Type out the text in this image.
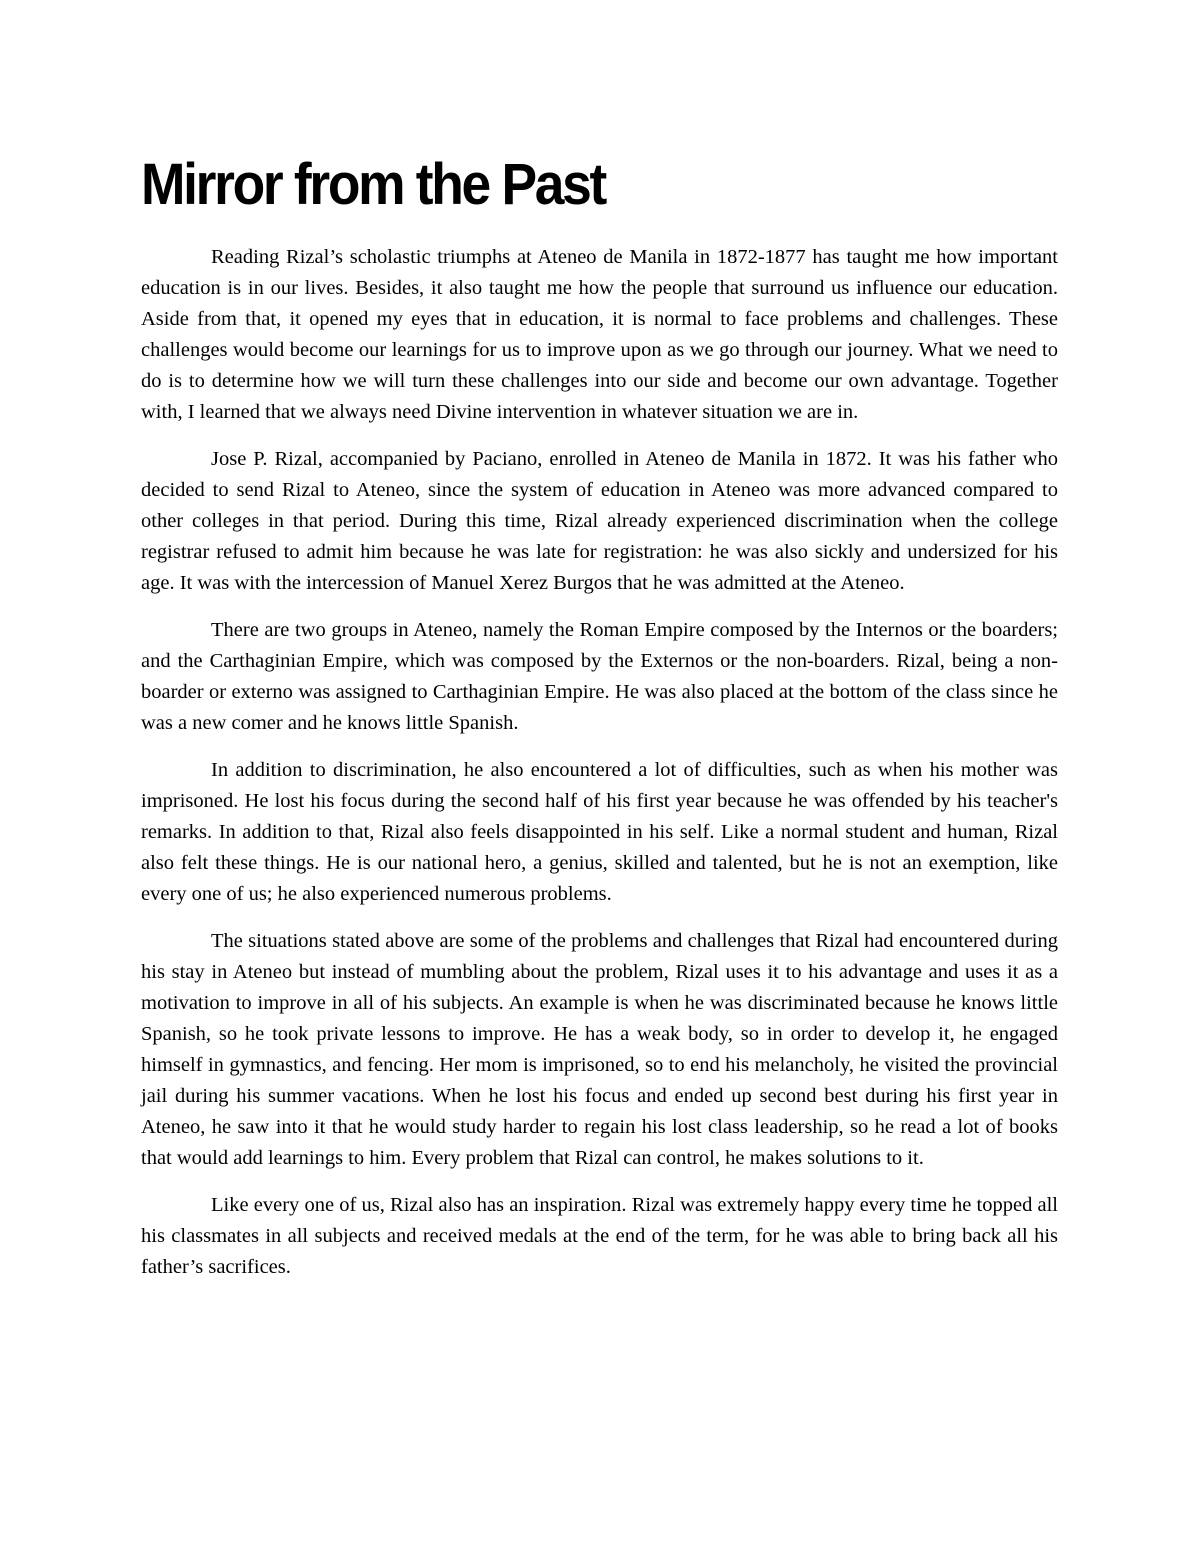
Mirror from the Past

Reading Rizal’s scholastic triumphs at Ateneo de Manila in 1872-1877 has taught me how important education is in our lives. Besides, it also taught me how the people that surround us influence our education. Aside from that, it opened my eyes that in education, it is normal to face problems and challenges. These challenges would become our learnings for us to improve upon as we go through our journey. What we need to do is to determine how we will turn these challenges into our side and become our own advantage. Together with, I learned that we always need Divine intervention in whatever situation we are in.

Jose P. Rizal, accompanied by Paciano, enrolled in Ateneo de Manila in 1872. It was his father who decided to send Rizal to Ateneo, since the system of education in Ateneo was more advanced compared to other colleges in that period. During this time, Rizal already experienced discrimination when the college registrar refused to admit him because he was late for registration: he was also sickly and undersized for his age. It was with the intercession of Manuel Xerez Burgos that he was admitted at the Ateneo.

There are two groups in Ateneo, namely the Roman Empire composed by the Internos or the boarders; and the Carthaginian Empire, which was composed by the Externos or the non-boarders. Rizal, being a non-boarder or externo was assigned to Carthaginian Empire. He was also placed at the bottom of the class since he was a new comer and he knows little Spanish.

In addition to discrimination, he also encountered a lot of difficulties, such as when his mother was imprisoned. He lost his focus during the second half of his first year because he was offended by his teacher's remarks. In addition to that, Rizal also feels disappointed in his self. Like a normal student and human, Rizal also felt these things. He is our national hero, a genius, skilled and talented, but he is not an exemption, like every one of us; he also experienced numerous problems.

The situations stated above are some of the problems and challenges that Rizal had encountered during his stay in Ateneo but instead of mumbling about the problem, Rizal uses it to his advantage and uses it as a motivation to improve in all of his subjects. An example is when he was discriminated because he knows little Spanish, so he took private lessons to improve. He has a weak body, so in order to develop it, he engaged himself in gymnastics, and fencing. Her mom is imprisoned, so to end his melancholy, he visited the provincial jail during his summer vacations. When he lost his focus and ended up second best during his first year in Ateneo, he saw into it that he would study harder to regain his lost class leadership, so he read a lot of books that would add learnings to him. Every problem that Rizal can control, he makes solutions to it.

Like every one of us, Rizal also has an inspiration. Rizal was extremely happy every time he topped all his classmates in all subjects and received medals at the end of the term, for he was able to bring back all his father’s sacrifices.
